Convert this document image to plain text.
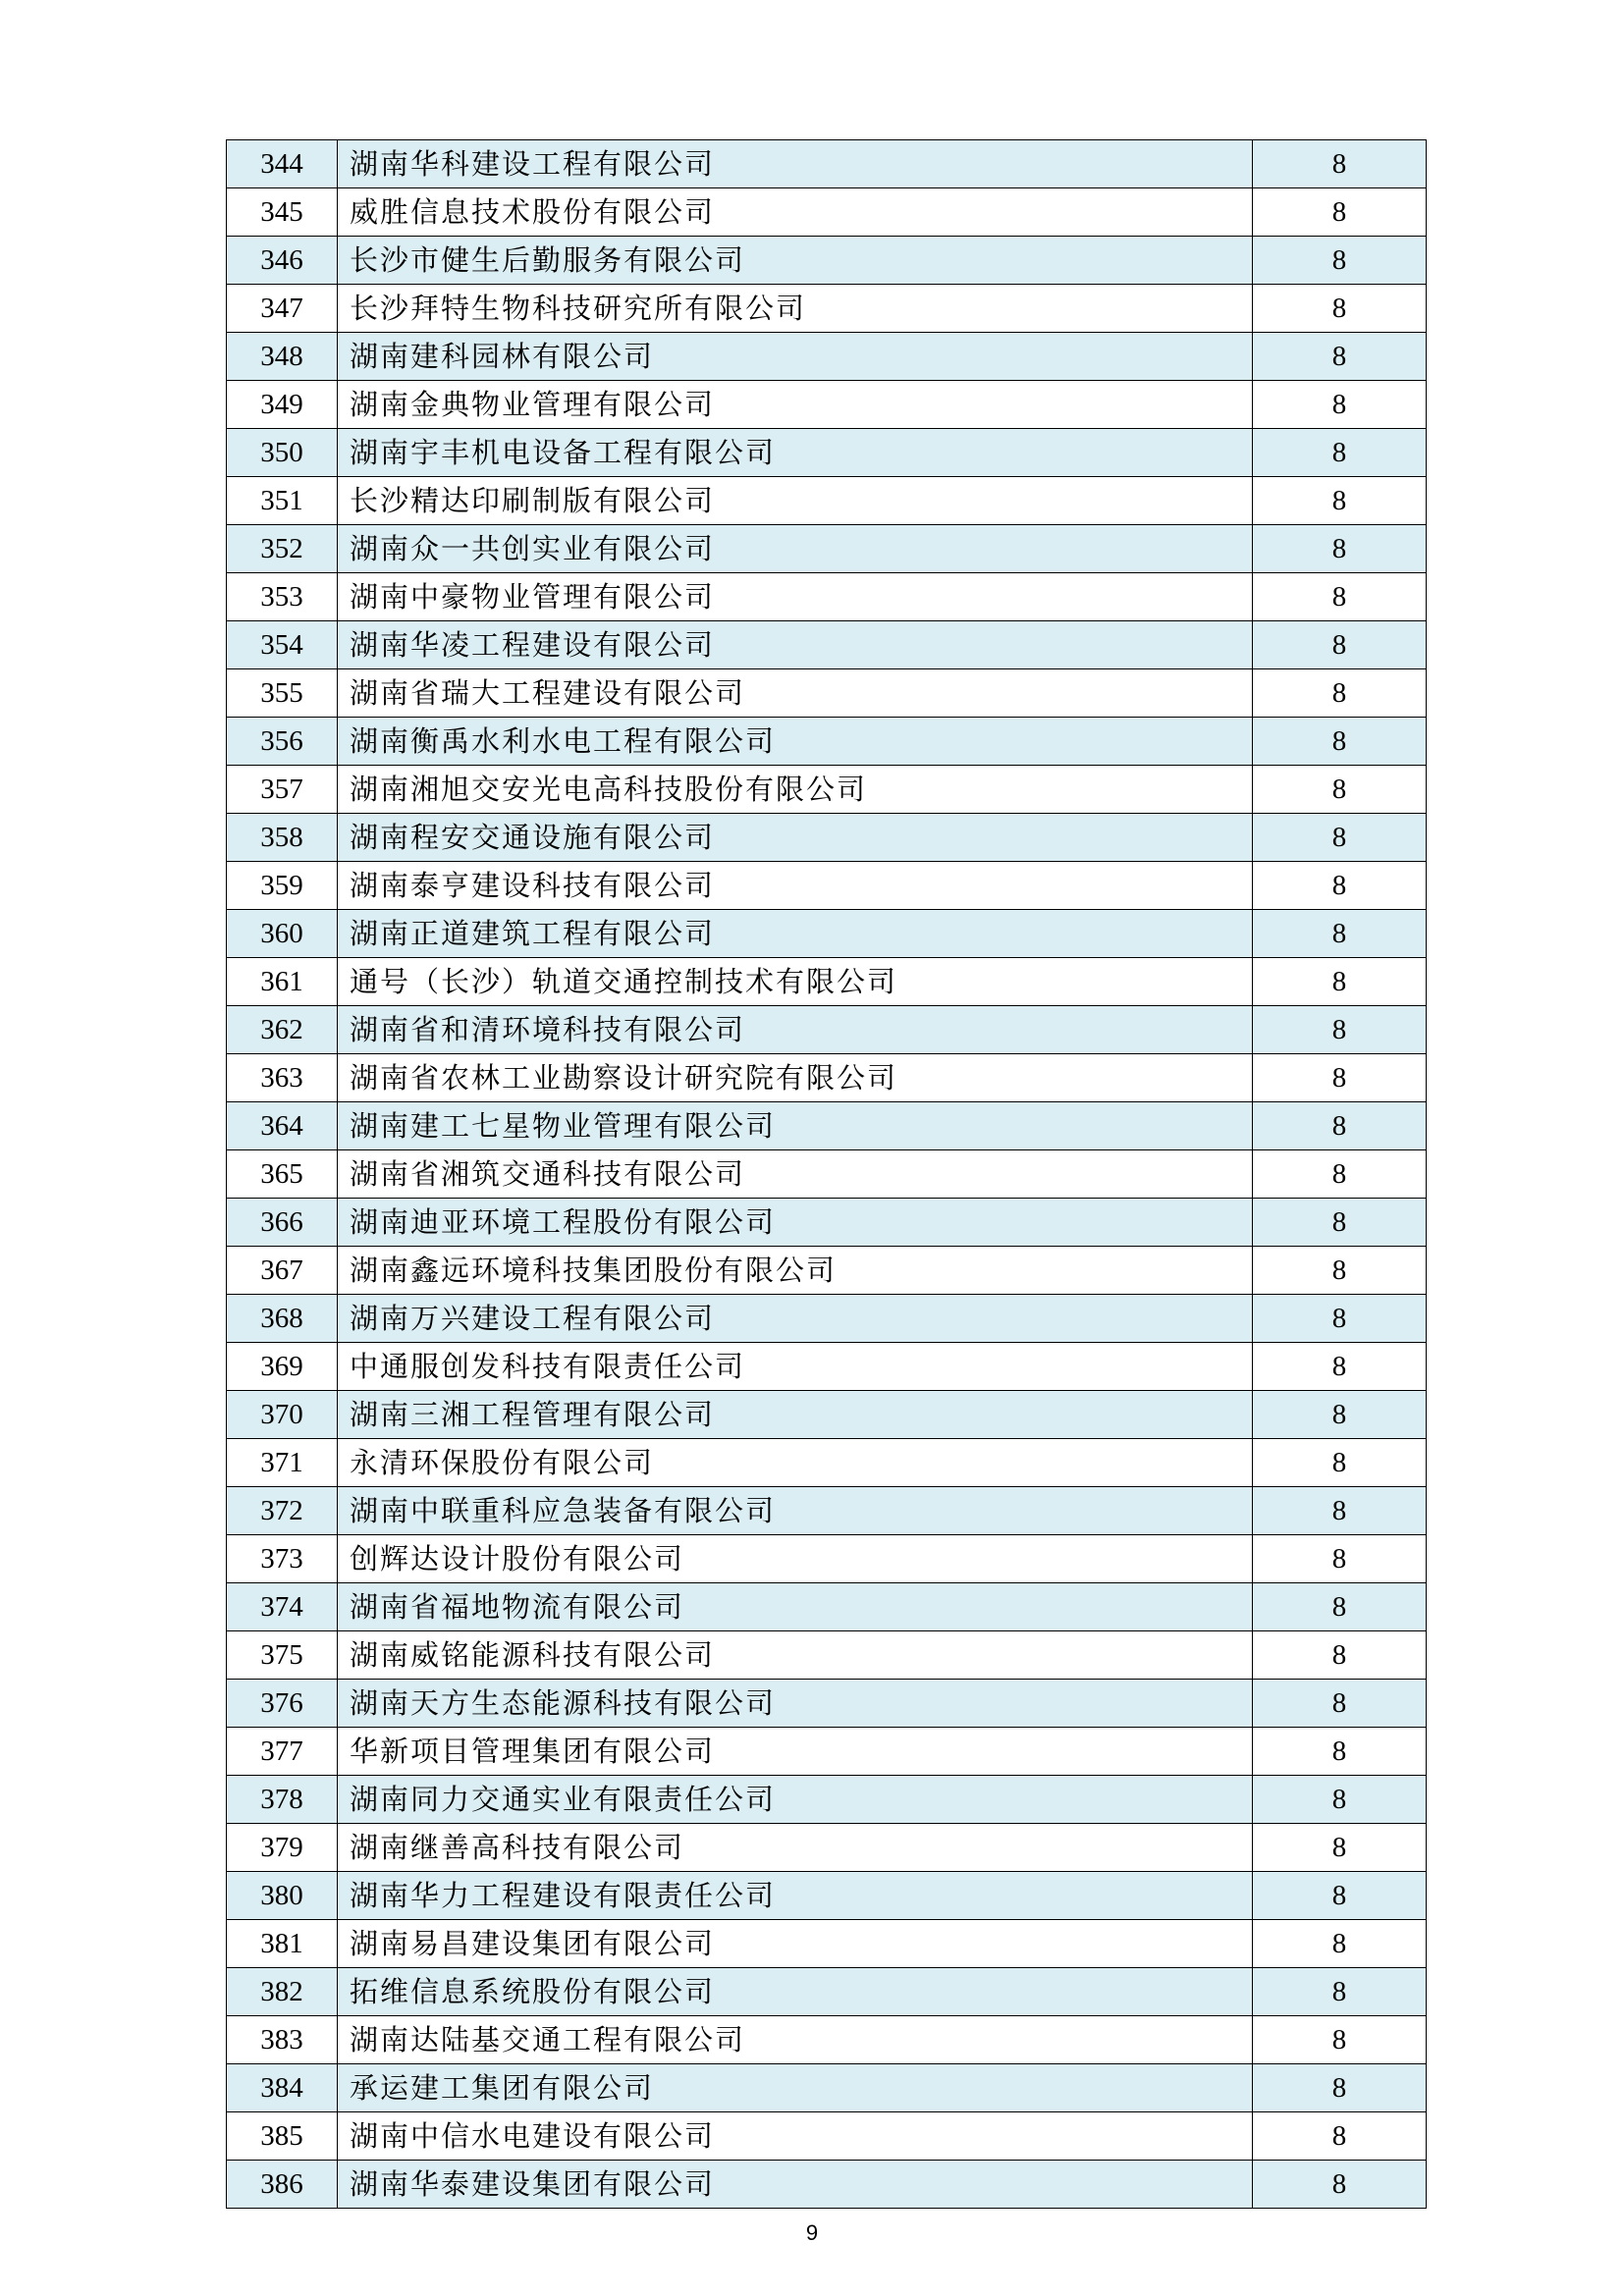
344	湖南华科建设工程有限公司	8
345	威胜信息技术股份有限公司	8
346	长沙市健生后勤服务有限公司	8
347	长沙拜特生物科技研究所有限公司	8
348	湖南建科园林有限公司	8
349	湖南金典物业管理有限公司	8
350	湖南宇丰机电设备工程有限公司	8
351	长沙精达印刷制版有限公司	8
352	湖南众一共创实业有限公司	8
353	湖南中豪物业管理有限公司	8
354	湖南华凌工程建设有限公司	8
355	湖南省瑞大工程建设有限公司	8
356	湖南衡禹水利水电工程有限公司	8
357	湖南湘旭交安光电高科技股份有限公司	8
358	湖南程安交通设施有限公司	8
359	湖南泰亨建设科技有限公司	8
360	湖南正道建筑工程有限公司	8
361	通号（长沙）轨道交通控制技术有限公司	8
362	湖南省和清环境科技有限公司	8
363	湖南省农林工业勘察设计研究院有限公司	8
364	湖南建工七星物业管理有限公司	8
365	湖南省湘筑交通科技有限公司	8
366	湖南迪亚环境工程股份有限公司	8
367	湖南鑫远环境科技集团股份有限公司	8
368	湖南万兴建设工程有限公司	8
369	中通服创发科技有限责任公司	8
370	湖南三湘工程管理有限公司	8
371	永清环保股份有限公司	8
372	湖南中联重科应急装备有限公司	8
373	创辉达设计股份有限公司	8
374	湖南省福地物流有限公司	8
375	湖南威铭能源科技有限公司	8
376	湖南天方生态能源科技有限公司	8
377	华新项目管理集团有限公司	8
378	湖南同力交通实业有限责任公司	8
379	湖南继善高科技有限公司	8
380	湖南华力工程建设有限责任公司	8
381	湖南易昌建设集团有限公司	8
382	拓维信息系统股份有限公司	8
383	湖南达陆基交通工程有限公司	8
384	承运建工集团有限公司	8
385	湖南中信水电建设有限公司	8
386	湖南华泰建设集团有限公司	8
9
